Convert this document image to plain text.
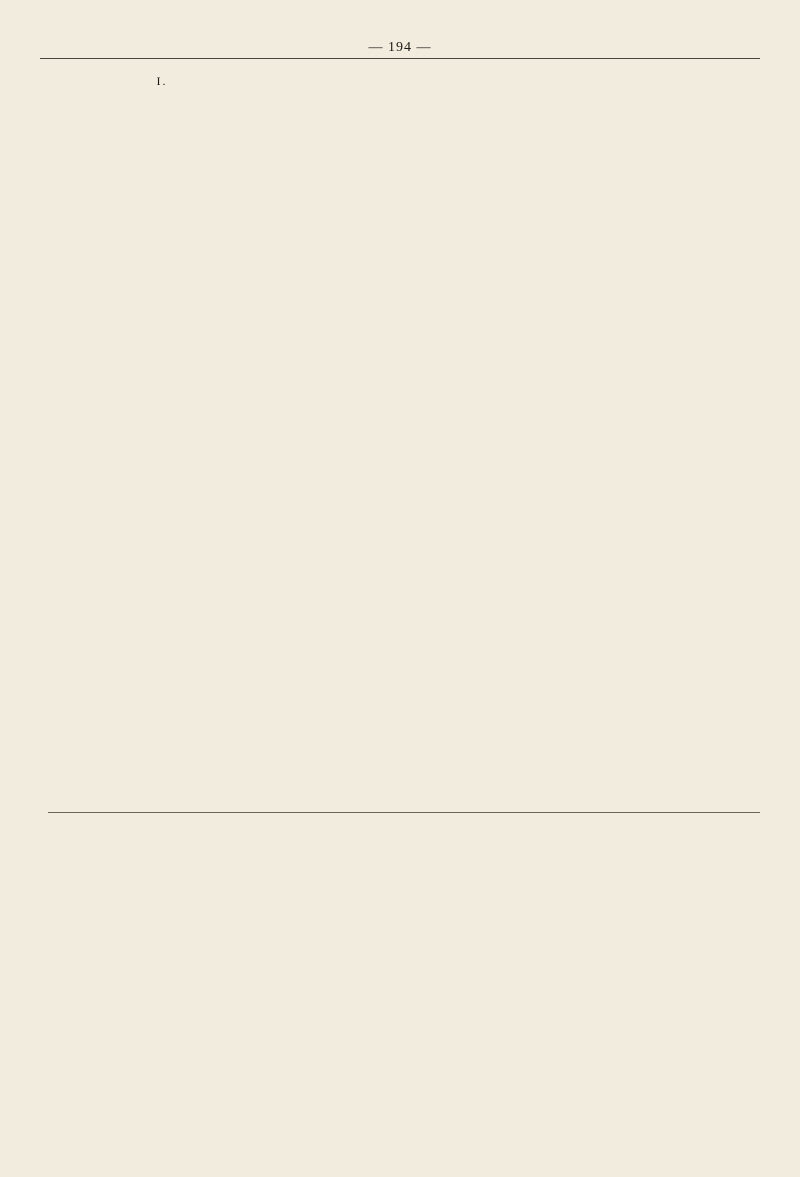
— 194 —

I.
